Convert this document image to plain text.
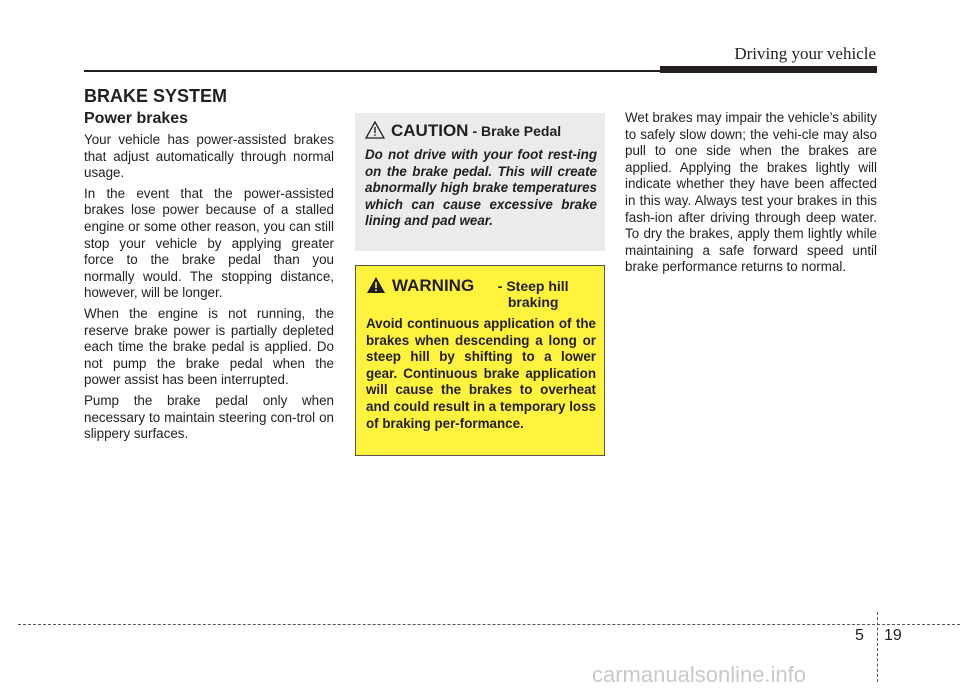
Driving your vehicle
BRAKE SYSTEM
Power brakes

Your vehicle has power-assisted brakes that adjust automatically through normal usage.

In the event that the power-assisted brakes lose power because of a stalled engine or some other reason, you can still stop your vehicle by applying greater force to the brake pedal than you normally would. The stopping distance, however, will be longer.

When the engine is not running, the reserve brake power is partially depleted each time the brake pedal is applied. Do not pump the brake pedal when the power assist has been interrupted.

Pump the brake pedal only when necessary to maintain steering con-trol on slippery surfaces.

CAUTION - Brake Pedal
Do not drive with your foot rest-ing on the brake pedal. This will create abnormally high brake temperatures which can cause excessive brake lining and pad wear.
WARNING	- Steep hill braking
Avoid continuous application of the brakes when descending a long or steep hill by shifting to a lower gear. Continuous brake application will cause the brakes to overheat and could result in a temporary loss of braking per-formance.

Wet brakes may impair the vehicle’s ability to safely slow down; the vehi-cle may also pull to one side when the brakes are applied. Applying the brakes lightly will indicate whether they have been affected in this way. Always test your brakes in this fash-ion after driving through deep water. To dry the brakes, apply them lightly while maintaining a safe forward speed until brake performance returns to normal.

5 19
carmanualsonline.info
